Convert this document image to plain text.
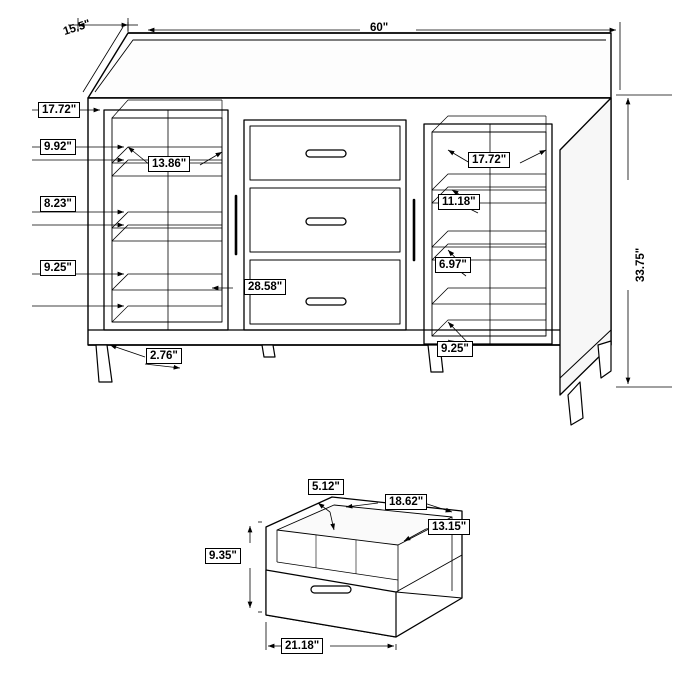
15.5"	60"
33.75"
17.72"
9.92"
8.23"
9.25"
13.86"
28.58"
2.76"
17.72"
11.18"
6.97"
9.25"
5.12"
18.62"
13.15"
9.35"
21.18"
